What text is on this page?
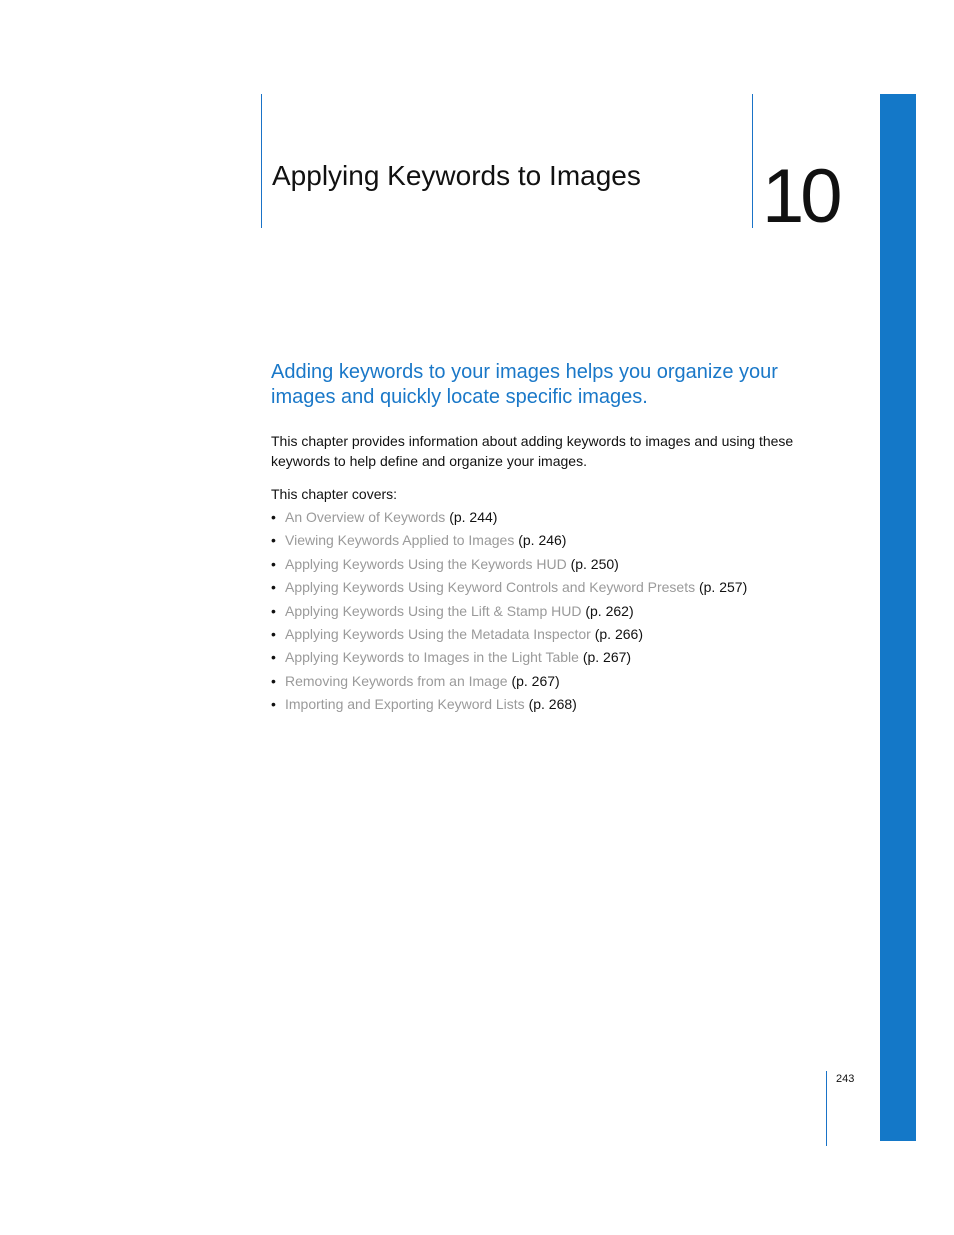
Applying Keywords to Images 10
Adding keywords to your images helps you organize your images and quickly locate specific images.

This chapter provides information about adding keywords to images and using these keywords to help define and organize your images.

This chapter covers:

• An Overview of Keywords (p. 244)
• Viewing Keywords Applied to Images (p. 246)
• Applying Keywords Using the Keywords HUD (p. 250)
• Applying Keywords Using Keyword Controls and Keyword Presets (p. 257)
• Applying Keywords Using the Lift & Stamp HUD (p. 262)
• Applying Keywords Using the Metadata Inspector (p. 266)
• Applying Keywords to Images in the Light Table (p. 267)
• Removing Keywords from an Image (p. 267)
• Importing and Exporting Keyword Lists (p. 268)
243
